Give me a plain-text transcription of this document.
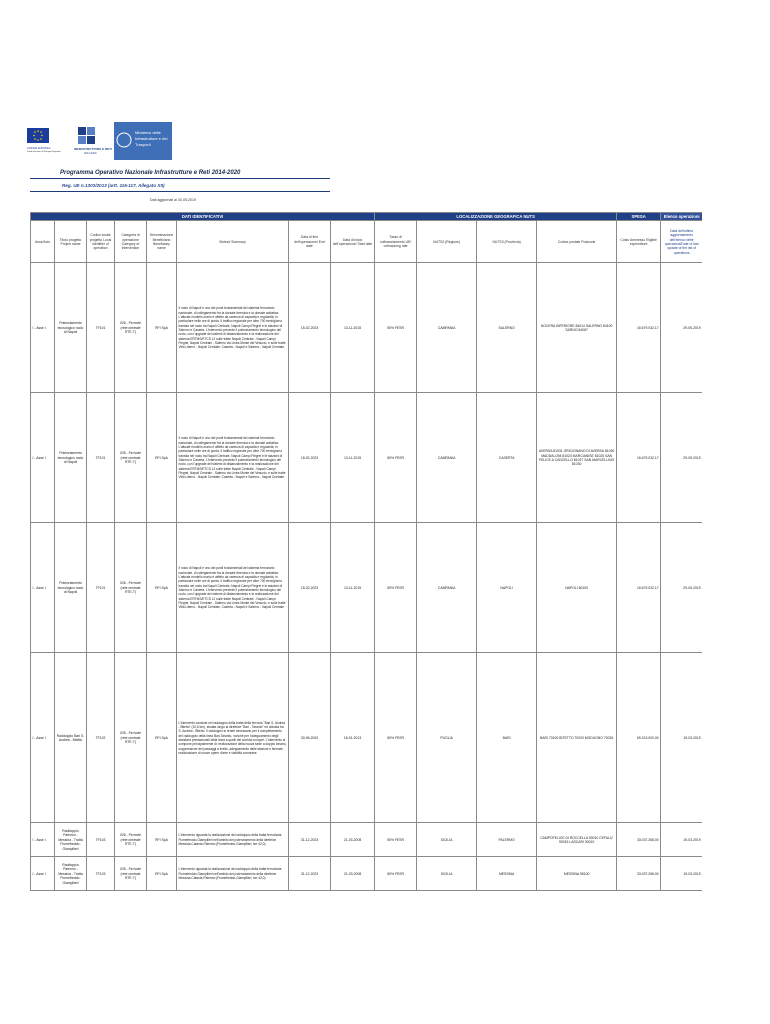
UNIONE EUROPEA
Fondo Europeo di Sviluppo Regionale
INFRASTRUTTURE E RETI
2014-2020
Ministero delle
Infrastrutture e dei
Trasporti
Programma Operativo Nazionale Infrastrutture e Reti 2014-2020
Reg. UE n.1303/2013 (artt. 115-117, Allegato XII)
Dati aggiornati al 30.05.2019
DATI IDENTIFICATIVI								LOCALIZZAZIONE GEOGRAFICA NUTS				SPESA	Elenco operazioni
Asse/Axis	Titolo progetto Project name	Codice locale progetto Local identifier of operation	Categoria di operazione Category of intervention	Denominazione Beneficiario Beneficiary name	Sintesi/ Summary	Data di fine dell'operazione/ End date	Data di inizio dell'operazione/ Start date	Tasso di cofinanziamento UE/ cofinancing rate	NUTS2 (Regione)	NUTS3 (Provincia)	Codice postale Postcode	Costo Ammesso Eligible expenditure	Data dell'ultimo aggiornamento dell'elenco delle operazioni/Date of last update of the list of operations
I - Asse I	Potenziamento tecnologico nodo di Napoli	TF101	026 - Ferrovie (rete centrale RTE-T)	RFI SpA	Il nodo di Napoli è uno dei punti fondamentali del sistema ferroviario nazionale, di collegamento fra la dorsale tirrenica e la dorsale adriatica. L'attuale modello orario è affetto da carenza di capacità e regolarità, in particolare nelle ore di punta. Il traffico regionale per oltre 700 treni/giorno transita nel nodo tra Napoli Centrale, Napoli Campi Flegrei e le stazioni di Salerno e Caserta. L'intervento prevede il potenziamento tecnologico del nodo, con l'upgrade dei sistemi di distanziamento e la realizzazione del sistema ERTMS/ETCS L2 sulle tratte Napoli Centrale - Napoli Campi Flegrei, Napoli Centrale - Salerno via Linea Monte del Vesuvio, e sulle tratte Villa Literno - Napoli Centrale, Caserta - Napoli e Salerno - Napoli Centrale.	15-02-2023	13-11-2015	50% FESR	CAMPANIA	SALERNO	NOCERA INFERIORE 84014 SALERNO 84100 SARNO 84087	16.679.032,17	29-05-2019
I - Asse I	Potenziamento tecnologico nodo di Napoli	TF101	026 - Ferrovie (rete centrale RTE-T)	RFI SpA	Il nodo di Napoli è uno dei punti fondamentali del sistema ferroviario nazionale, di collegamento fra la dorsale tirrenica e la dorsale adriatica. L'attuale modello orario è affetto da carenza di capacità e regolarità, in particolare nelle ore di punta. Il traffico regionale per oltre 700 treni/giorno transita nel nodo tra Napoli Centrale, Napoli Campi Flegrei e le stazioni di Salerno e Caserta. L'intervento prevede il potenziamento tecnologico del nodo, con l'upgrade dei sistemi di distanziamento e la realizzazione del sistema ERTMS/ETCS L2 sulle tratte Napoli Centrale - Napoli Campi Flegrei, Napoli Centrale - Salerno via Linea Monte del Vesuvio, e sulle tratte Villa Literno - Napoli Centrale, Caserta - Napoli e Salerno - Napoli Centrale.	15-02-2023	13-11-2015	50% FESR	CAMPANIA	CASERTA	AVERSA 81031 GRICIGNANO DI AVERSA 81030 MADDALONI 81024 MARCIANISE 81025 SAN FELICE A CANCELLO 81027 SAN MARCELLINO 81030	16.679.032,17	29-05-2019
I - Asse I	Potenziamento tecnologico nodo di Napoli	TF101	026 - Ferrovie (rete centrale RTE-T)	RFI SpA	Il nodo di Napoli è uno dei punti fondamentali del sistema ferroviario nazionale, di collegamento fra la dorsale tirrenica e la dorsale adriatica. L'attuale modello orario è affetto da carenza di capacità e regolarità, in particolare nelle ore di punta. Il traffico regionale per oltre 700 treni/giorno transita nel nodo tra Napoli Centrale, Napoli Campi Flegrei e le stazioni di Salerno e Caserta. L'intervento prevede il potenziamento tecnologico del nodo, con l'upgrade dei sistemi di distanziamento e la realizzazione del sistema ERTMS/ETCS L2 sulle tratte Napoli Centrale - Napoli Campi Flegrei, Napoli Centrale - Salerno via Linea Monte del Vesuvio, e sulle tratte Villa Literno - Napoli Centrale, Caserta - Napoli e Salerno - Napoli Centrale.	15-02-2023	13-11-2015	50% FESR	CAMPANIA	NAPOLI	NAPOLI 80100	16.679.032,17	29-05-2019
I - Asse I	Raddoppio Bari S. Andrea - Bitetto	TF102	026 - Ferrovie (rete centrale RTE-T)	RFI SpA	L'intervento consiste nel raddoppio della tratta della ferrovia "Bari S. Andrea - Bitetto" (10,6 km), situata lungo la direttrice "Bari - Taranto" ed ubicata tra S. Andrea - Bitetto. Il raddoppio si rende necessario per il completamento del raddoppio della linea Bari-Taranto, nonché per l'adeguamento degli standard prestazionali della linea a quelli dei corridoi europei. L'intervento si compone principalmente di: realizzazione della nuova sede a doppio binario, soppressione dei passaggi a livello, adeguamento delle stazioni e fermate, realizzazione di nuove opere d'arte e viabilità connesse.	30-06-2020	16-01-2013	50% FESR	PUGLIA	BARI	BARI 70100 BITETTO 70020 MODUGNO 70026	69.313.000,00	19-03-2019
I - Asse I	Raddoppio Palermo - Messina - Tratta Fiumefreddo-Giampilieri	TF103	026 - Ferrovie (rete centrale RTE-T)	RFI SpA	L'intervento riguarda la realizzazione del raddoppio della tratta ferroviaria Fiumefreddo-Giampilieri nell'ambito del potenziamento della direttrice Messina-Catania-Palermo (Fiumefreddo-Giampilieri, km 42,0).	31-12-2023	21-03-2008	50% FESR	SICILIA	PALERMO	CAMPOFELICE DI ROCCELLA 90010 CEFALU' 90015 LASCARI 90010	33.037.268,00	19-03-2019
I - Asse I	Raddoppio Palermo - Messina - Tratta Fiumefreddo-Giampilieri	TF103	026 - Ferrovie (rete centrale RTE-T)	RFI SpA	L'intervento riguarda la realizzazione del raddoppio della tratta ferroviaria Fiumefreddo-Giampilieri nell'ambito del potenziamento della direttrice Messina-Catania-Palermo (Fiumefreddo-Giampilieri, km 42,0).	31-12-2023	21-03-2008	50% FESR	SICILIA	MESSINA	MESSINA 98100	33.037.268,00	19-03-2019
